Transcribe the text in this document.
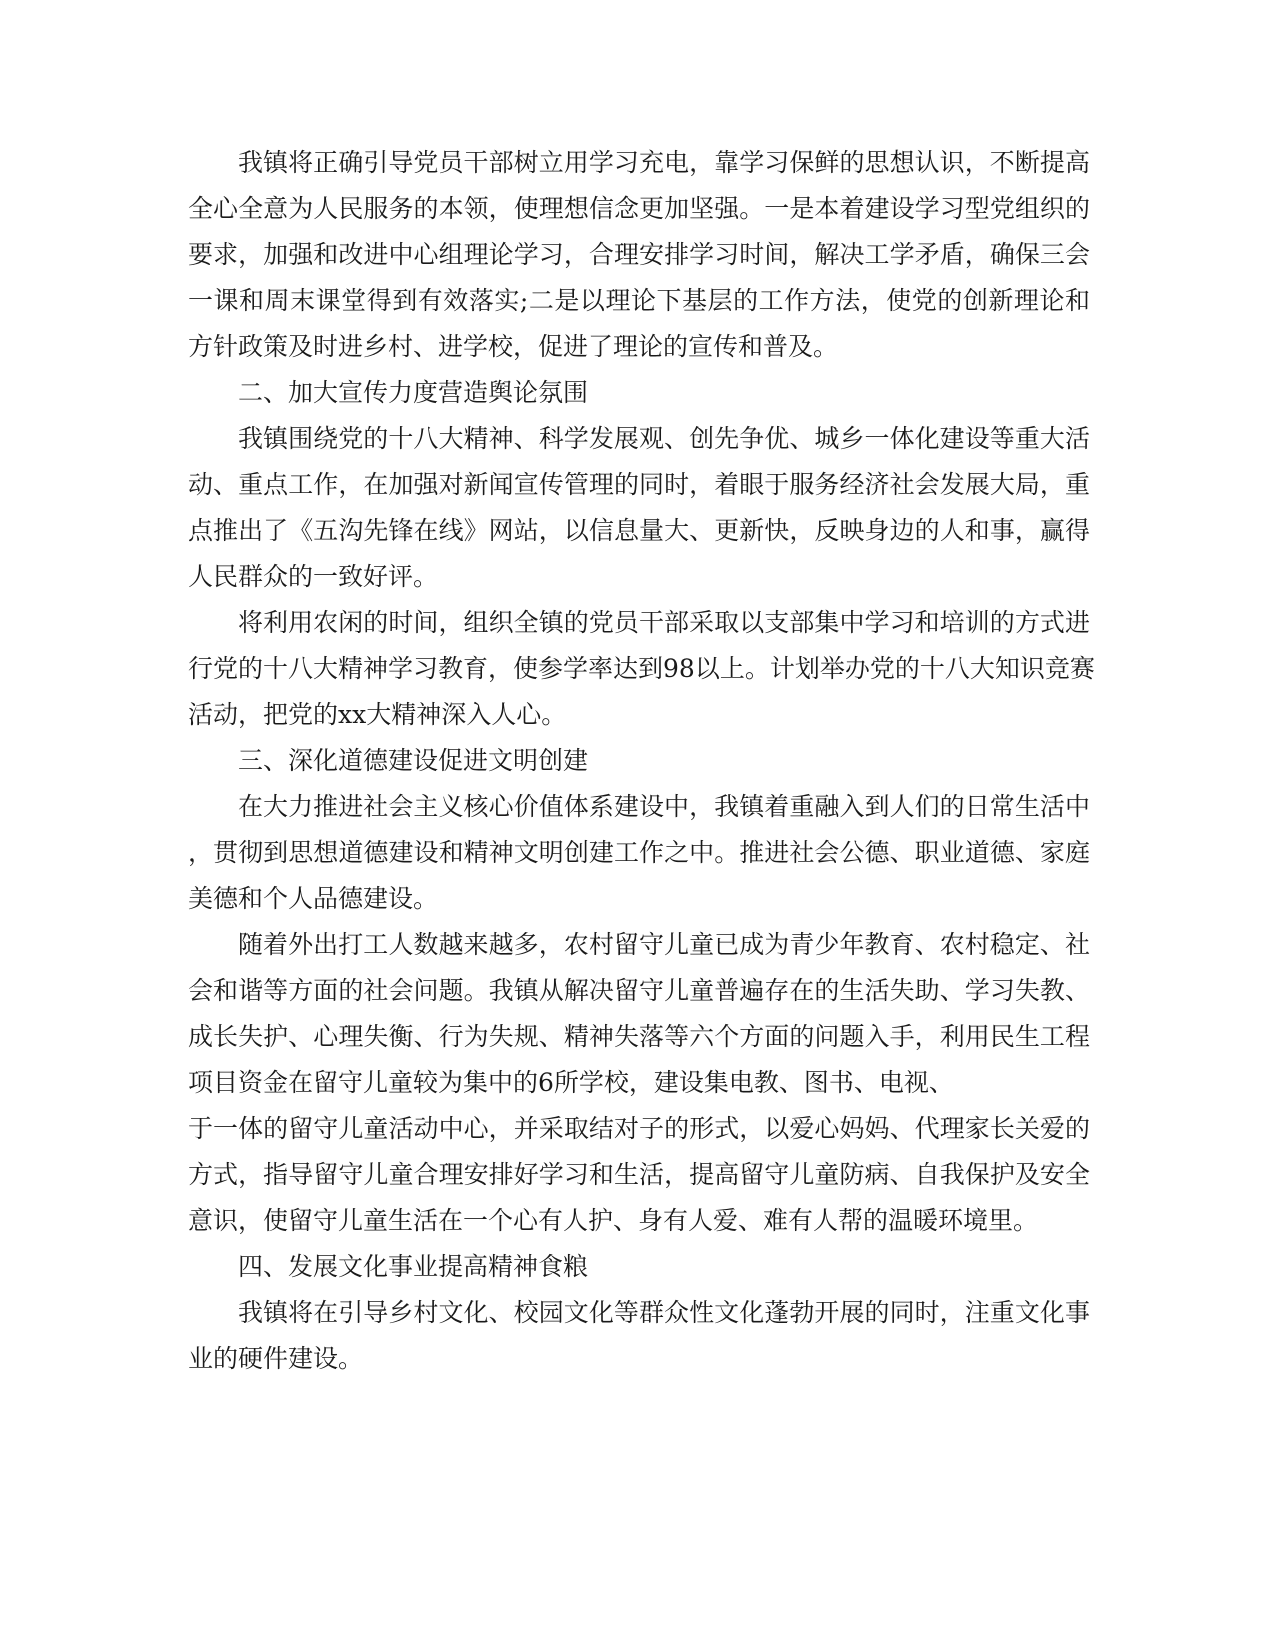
我镇将正确引导党员干部树立用学习充电，靠学习保鲜的思想认识，不断提高
全心全意为人民服务的本领，使理想信念更加坚强。一是本着建设学习型党组织的
要求，加强和改进中心组理论学习，合理安排学习时间，解决工学矛盾，确保三会
一课和周末课堂得到有效落实;二是以理论下基层的工作方法，使党的创新理论和
方针政策及时进乡村、进学校，促进了理论的宣传和普及。
二、加大宣传力度营造舆论氛围
我镇围绕党的十八大精神、科学发展观、创先争优、城乡一体化建设等重大活
动、重点工作，在加强对新闻宣传管理的同时，着眼于服务经济社会发展大局，重
点推出了《五沟先锋在线》网站，以信息量大、更新快，反映身边的人和事，赢得
人民群众的一致好评。
将利用农闲的时间，组织全镇的党员干部采取以支部集中学习和培训的方式进
行党的十八大精神学习教育，使参学率达到98以上。计划举办党的十八大知识竞赛
活动，把党的xx大精神深入人心。
三、深化道德建设促进文明创建
在大力推进社会主义核心价值体系建设中，我镇着重融入到人们的日常生活中
，贯彻到思想道德建设和精神文明创建工作之中。推进社会公德、职业道德、家庭
美德和个人品德建设。
随着外出打工人数越来越多，农村留守儿童已成为青少年教育、农村稳定、社
会和谐等方面的社会问题。我镇从解决留守儿童普遍存在的生活失助、学习失教、
成长失护、心理失衡、行为失规、精神失落等六个方面的问题入手，利用民生工程
项目资金在留守儿童较为集中的6所学校，建设集电教、图书、电视、
于一体的留守儿童活动中心，并采取结对子的形式，以爱心妈妈、代理家长关爱的
方式，指导留守儿童合理安排好学习和生活，提高留守儿童防病、自我保护及安全
意识，使留守儿童生活在一个心有人护、身有人爱、难有人帮的温暖环境里。
四、发展文化事业提高精神食粮
我镇将在引导乡村文化、校园文化等群众性文化蓬勃开展的同时，注重文化事
业的硬件建设。
